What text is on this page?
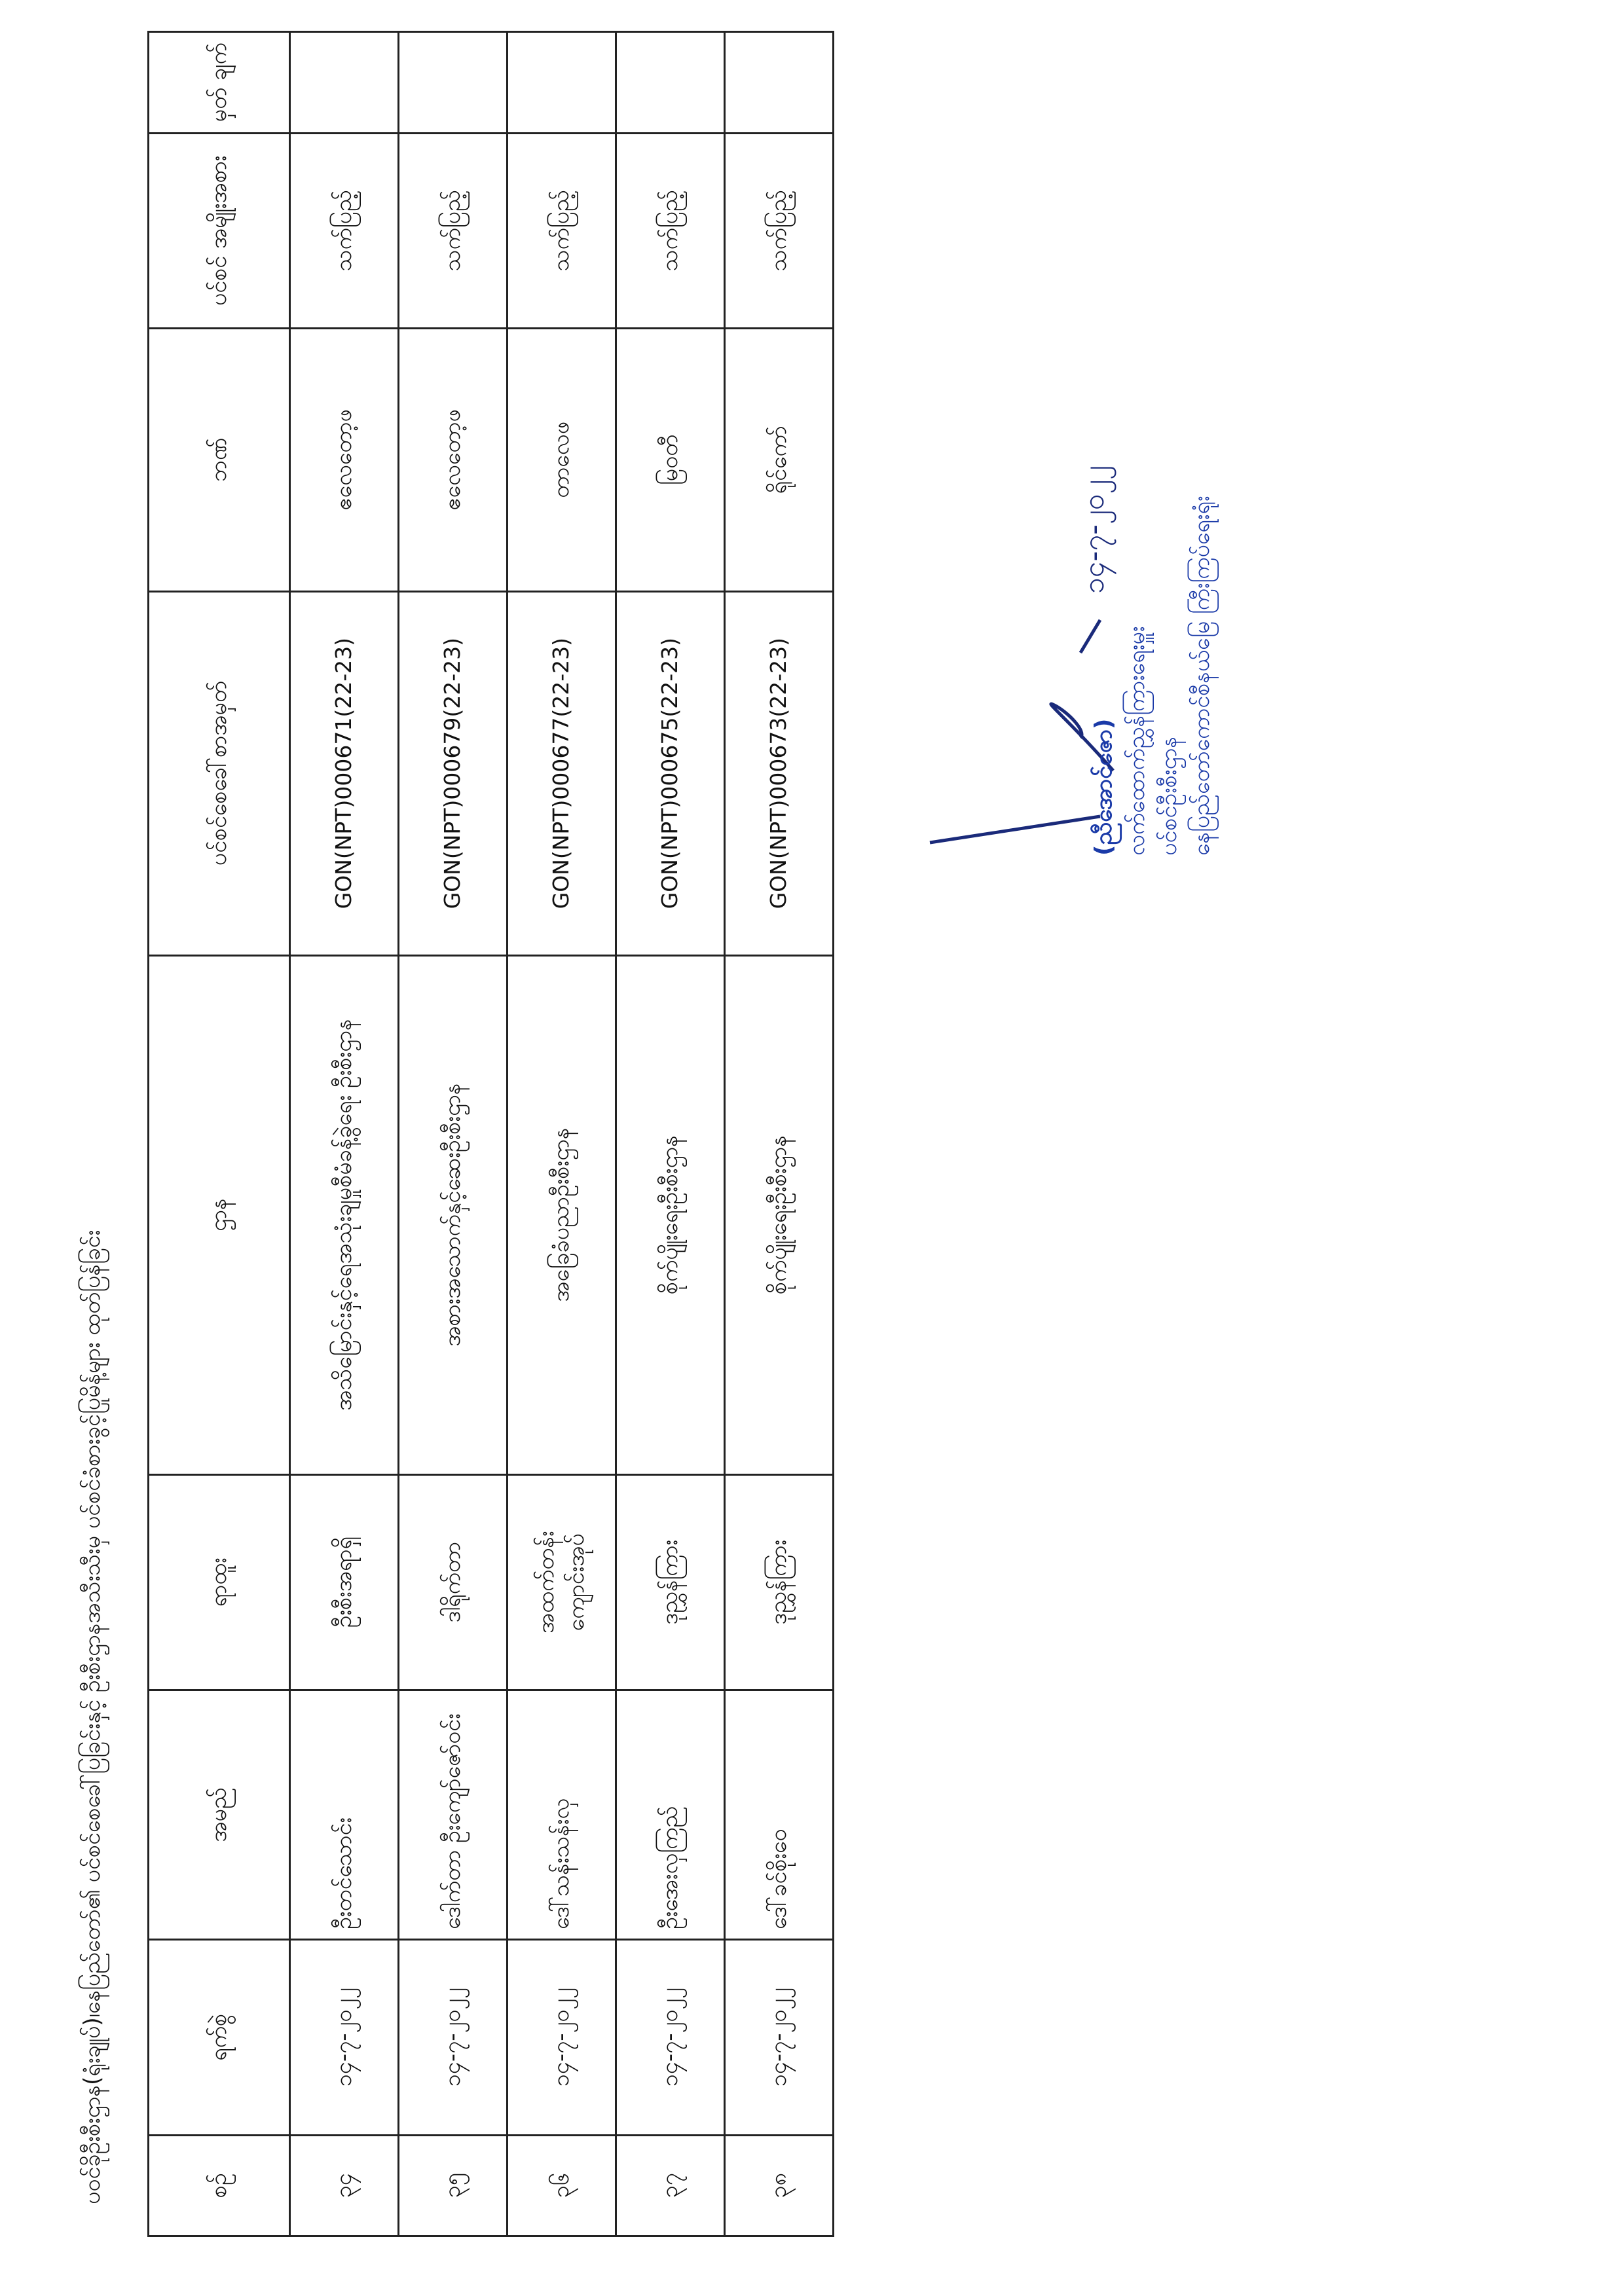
ပဝင်ခိုဦးစီးဌာန(ရုံးချုပ်)၊နေပြည်တော်၏ ပင်စင်စေခေါ်ပြခြင်းနှင့် ဦးစီးဌာနအသီးသီးမှ ပင်စင်ခံစားခွင့်ပြုမိန့်များ ထုတ်ပြန်ခြင်း	စဉ်	ရက်စွဲ	အမည်	ရာထူး	ဌာန	ပင်စင်စေခေါ်စာအမှတ်	ဘဏ်	ပင်စင် အမျိုးအစား	မှတ် ချက်
၃၄	၁၄-၇-၂၀၂၂	ဦးတင်သောင်း	ဦးစီးအရာရှိ	အသိမြောင်းနှင့်ရေအသုံးချမှုစီမံခန့်ခွဲရေး ဦးစီးဌာန	GON(NPT)000671(22-23)	ဧလေတော့ဖ	သက်ပြည့်	
၃၅	၁၄-၇-၂၀၂၂	ဒေါက်တာ ဦးကျော်ဇော်ဝင်း	ဒါရိုက်တာ	အစားအသောက်နှင့်ဆေးဦးစီးဌာန	GON(NPT)000679(22-23)	ဧလေတော့ဖ	သက်ပြည့်	
၃၆	၁၄-၇-၂၀၂၂	ဒေါ်သန်းသန်းလှ	အထက်တန်း ကျောင်းအုပ်	အခြေခံပညာဦးစီးဌာန	GON(NPT)000677(22-23)	တာလေဖ	သက်ပြည့်	
၃၇	၁၄-၇-၂၀၂၂	ဦးအေးလှကြည်	ဒုညွှန်ကြား	စိုက်ပျိုးရေးဦးစီးဌာန	GON(NPT)000675(22-23)	မြဝတီ	သက်ပြည့်	
၃၈	၁၄-၇-၂၀၂၂	ဒေါ်ခင်စိုးဝေ	ဒုညွှန်ကြား	စိုက်ပျိုးရေးဦးစီးဌာန	GON(NPT)000673(22-23)	ရိုင်ကော်	သက်ပြည့်	
၁၄-၇-၂၀၂၂
(ညီအောင်ဇော) လက်ထောက်ညွှန်ကြားရေးမှူး ပင်စင်ဦးစီးဌာန နေပြည်တော်ကောင်စီနယ်မြေ ကြီးကြပ်ရေးရုံး
